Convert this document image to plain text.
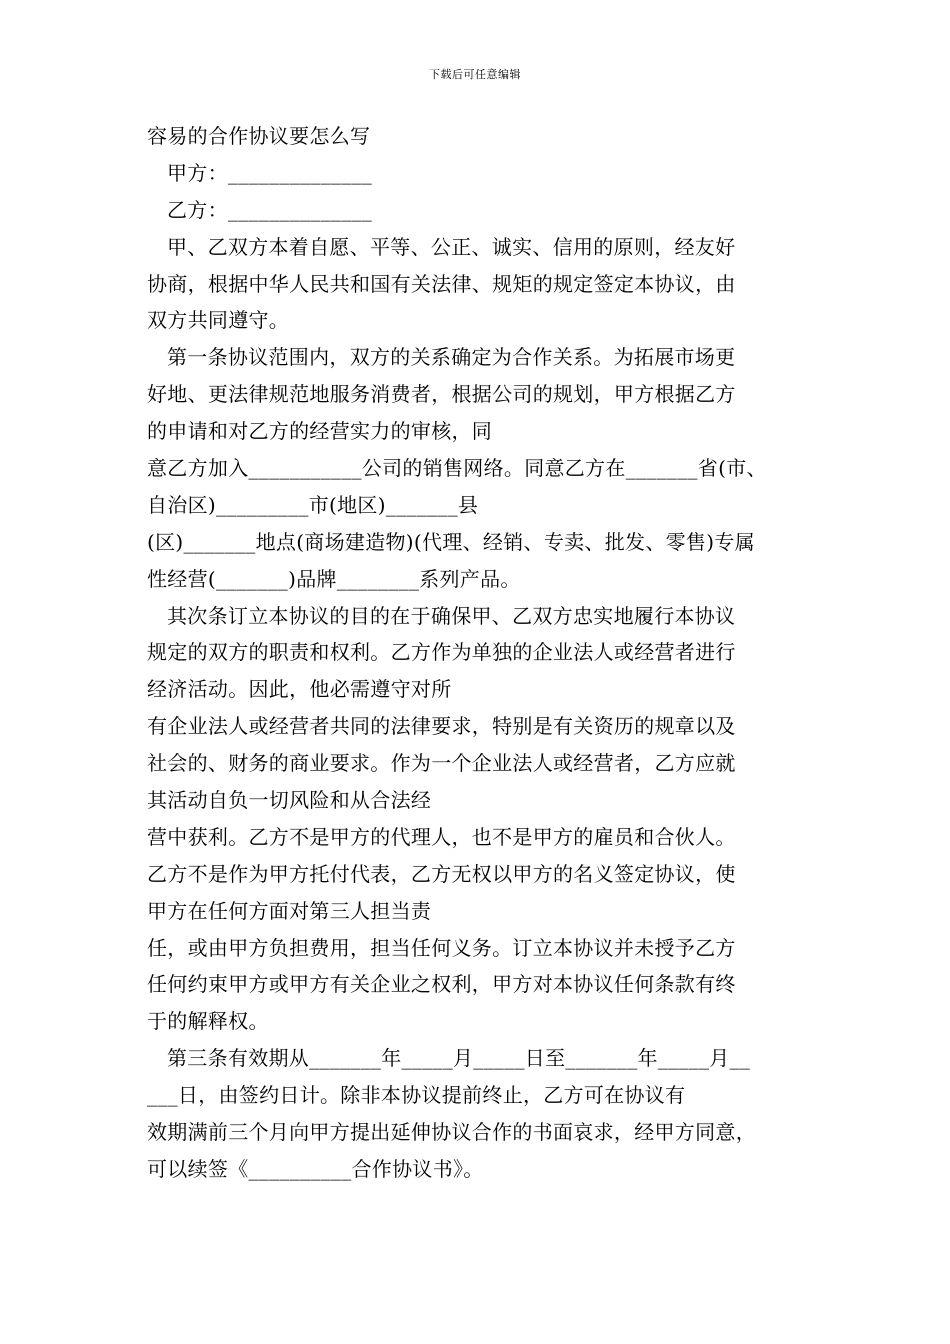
下载后可任意编辑
容易的合作协议要怎么写
甲方：______________
乙方：______________
甲、乙双方本着自愿、平等、公正、诚实、信用的原则，经友好
协商，根据中华人民共和国有关法律、规矩的规定签定本协议，由
双方共同遵守。
第一条协议范围内，双方的关系确定为合作关系。为拓展市场更
好地、更法律规范地服务消费者，根据公司的规划，甲方根据乙方
的申请和对乙方的经营实力的审核，同
意乙方加入___________公司的销售网络。同意乙方在_______省(市、
自治区)_________市(地区)_______县
(区)_______地点(商场建造物)(代理、经销、专卖、批发、零售)专属
性经营(_______)品牌________系列产品。
其次条订立本协议的目的在于确保甲、乙双方忠实地履行本协议
规定的双方的职责和权利。乙方作为单独的企业法人或经营者进行
经济活动。因此，他必需遵守对所
有企业法人或经营者共同的法律要求，特别是有关资历的规章以及
社会的、财务的商业要求。作为一个企业法人或经营者，乙方应就
其活动自负一切风险和从合法经
营中获利。乙方不是甲方的代理人，也不是甲方的雇员和合伙人。
乙方不是作为甲方托付代表，乙方无权以甲方的名义签定协议，使
甲方在任何方面对第三人担当责
任，或由甲方负担费用，担当任何义务。订立本协议并未授予乙方
任何约束甲方或甲方有关企业之权利，甲方对本协议任何条款有终
于的解释权。
第三条有效期从_______年_____月_____日至_______年_____月__
___日，由签约日计。除非本协议提前终止，乙方可在协议有
效期满前三个月向甲方提出延伸协议合作的书面哀求，经甲方同意，
可以续签《__________合作协议书》。
